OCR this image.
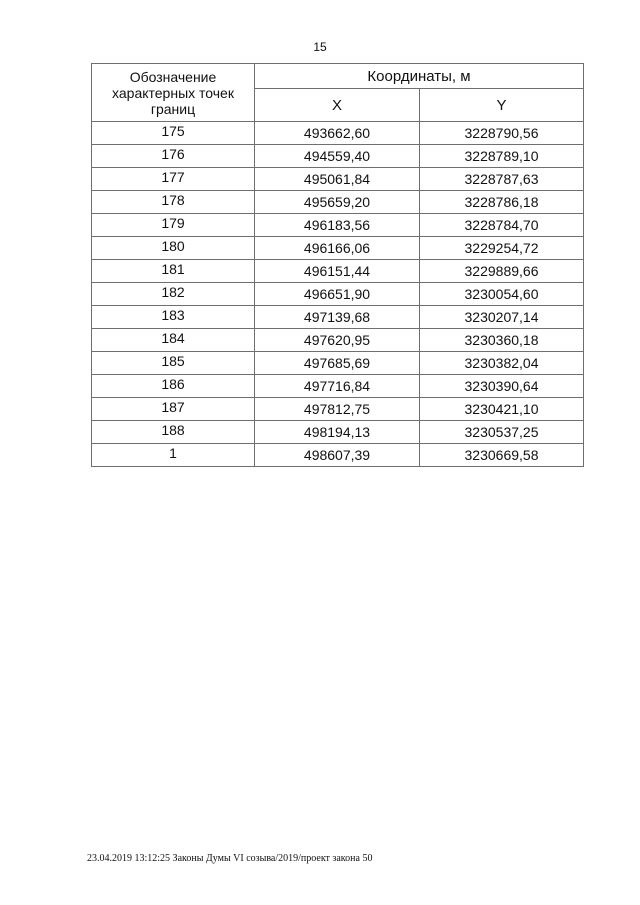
15
Обозначение характерных точек границ	Координаты, м	
	X	Y
175	493662,60	3228790,56
176	494559,40	3228789,10
177	495061,84	3228787,63
178	495659,20	3228786,18
179	496183,56	3228784,70
180	496166,06	3229254,72
181	496151,44	3229889,66
182	496651,90	3230054,60
183	497139,68	3230207,14
184	497620,95	3230360,18
185	497685,69	3230382,04
186	497716,84	3230390,64
187	497812,75	3230421,10
188	498194,13	3230537,25
1	498607,39	3230669,58
23.04.2019 13:12:25 Законы Думы VI созыва/2019/проект закона 50
